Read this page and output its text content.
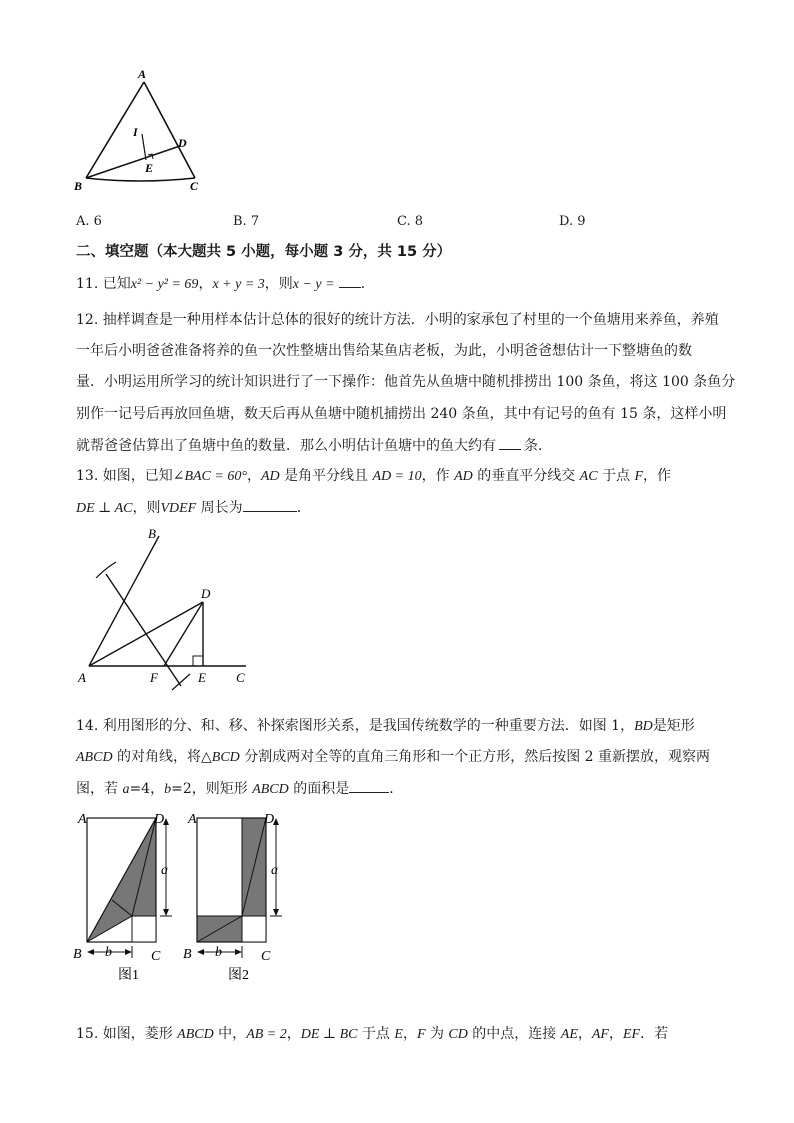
A
B	C
D
E
I
A. 6	B. 7	C. 8	D. 9
二、填空题（本大题共 5 小题，每小题 3 分，共 15 分）
11. 已知x² − y² = 69，x + y = 3，则x − y = .
12. 抽样调查是一种用样本估计总体的很好的统计方法．小明的家承包了村里的一个鱼塘用来养鱼，养殖
一年后小明爸爸准备将养的鱼一次性整塘出售给某鱼店老板，为此，小明爸爸想估计一下整塘鱼的数
量．小明运用所学习的统计知识进行了一下操作：他首先从鱼塘中随机排捞出 100 条鱼，将这 100 条鱼分
别作一记号后再放回鱼塘，数天后再从鱼塘中随机捕捞出 240 条鱼，其中有记号的鱼有 15 条，这样小明
就帮爸爸估算出了鱼塘中鱼的数量．那么小明估计鱼塘中的鱼大约有 条．
13. 如图，已知∠BAC = 60°，AD 是角平分线且 AD = 10，作 AD 的垂直平分线交 AC 于点 F，作
DE ⊥ AC，则VDEF 周长为	．
A
B
C
D
E
F
14. 利用图形的分、和、移、补探索图形关系，是我国传统数学的一种重要方法．如图 1，BD是矩形
ABCD 的对角线，将△BCD 分割成两对全等的直角三角形和一个正方形，然后按图 2 重新摆放，观察两
图，若 a=4，b=2，则矩形 ABCD 的面积是	．
A	D
B	C
a
b
图1
A	D
B	C
a
b
图2
15. 如图，菱形 ABCD 中，AB = 2，DE ⊥ BC 于点 E，F 为 CD 的中点，连接 AE，AF，EF．若
